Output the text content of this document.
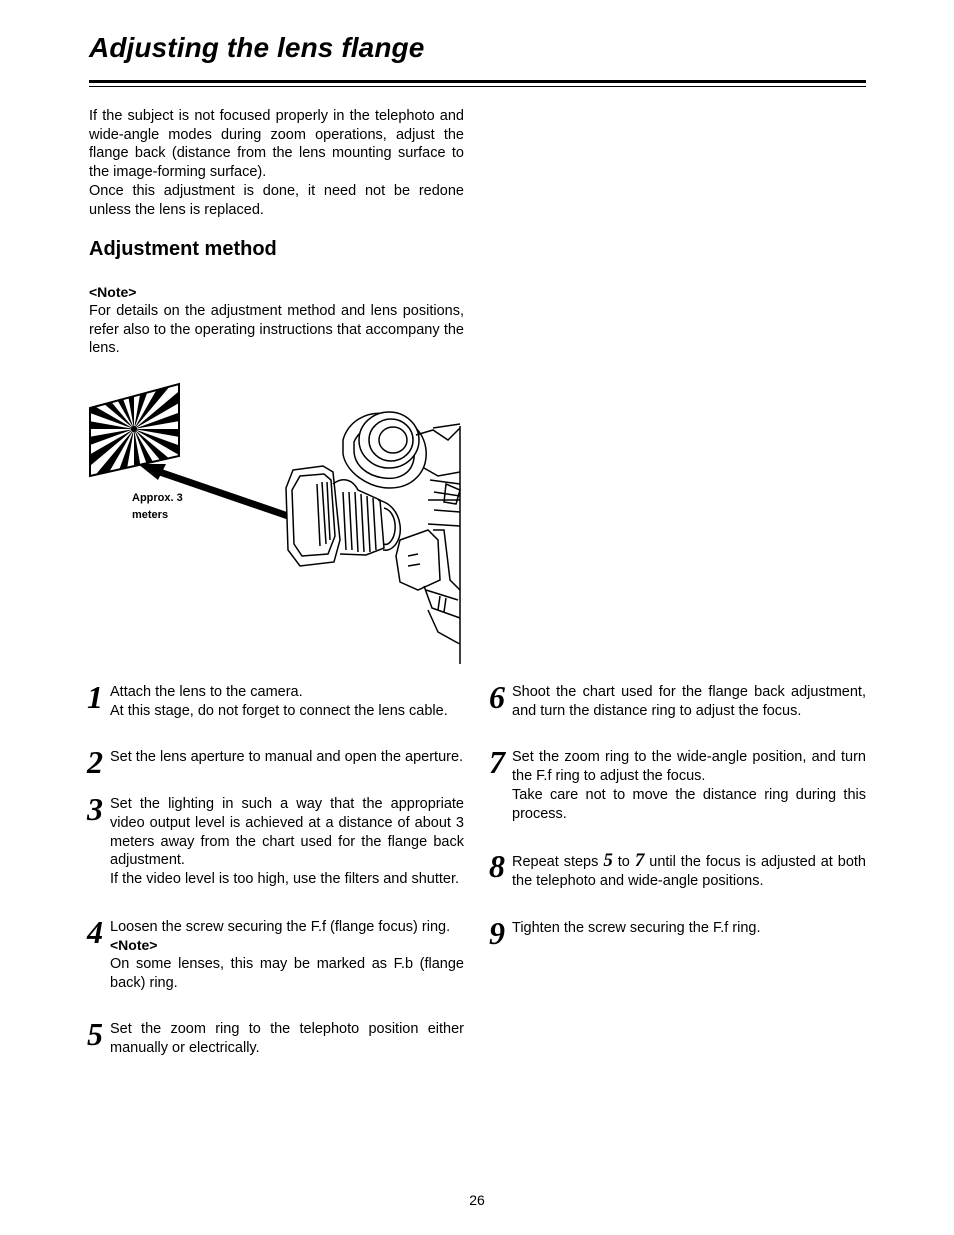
Adjusting the lens flange

If the subject is not focused properly in the telephoto and wide-angle modes during zoom operations, adjust the flange back (distance from the lens mounting surface to the image-forming surface).

Once this adjustment is done, it need not be redone unless the lens is replaced.

Adjustment method
<Note>

For details on the adjustment method and lens positions, refer also to the operating instructions that accompany the lens.

Approx. 3
meters
1 Attach the lens to the camera.

At this stage, do not forget to connect the lens cable.

2 Set the lens aperture to manual and open the aperture.

3 Set the lighting in such a way that the appropriate video output level is achieved at a distance of about 3 meters away from the chart used for the flange back adjustment.

If the video level is too high, use the filters and shutter.

4 Loosen the screw securing the F.f (flange focus) ring.

<Note>

On some lenses, this may be marked as F.b (flange back) ring.

5 Set the zoom ring to the telephoto position either manually or electrically.

6 Shoot the chart used for the flange back adjustment, and turn the distance ring to adjust the focus.

7 Set the zoom ring to the wide-angle position, and turn the F.f ring to adjust the focus.

Take care not to move the distance ring during this process.

8 Repeat steps 5 to 7 until the focus is adjusted at both the telephoto and wide-angle positions.

9 Tighten the screw securing the F.f ring.

26
